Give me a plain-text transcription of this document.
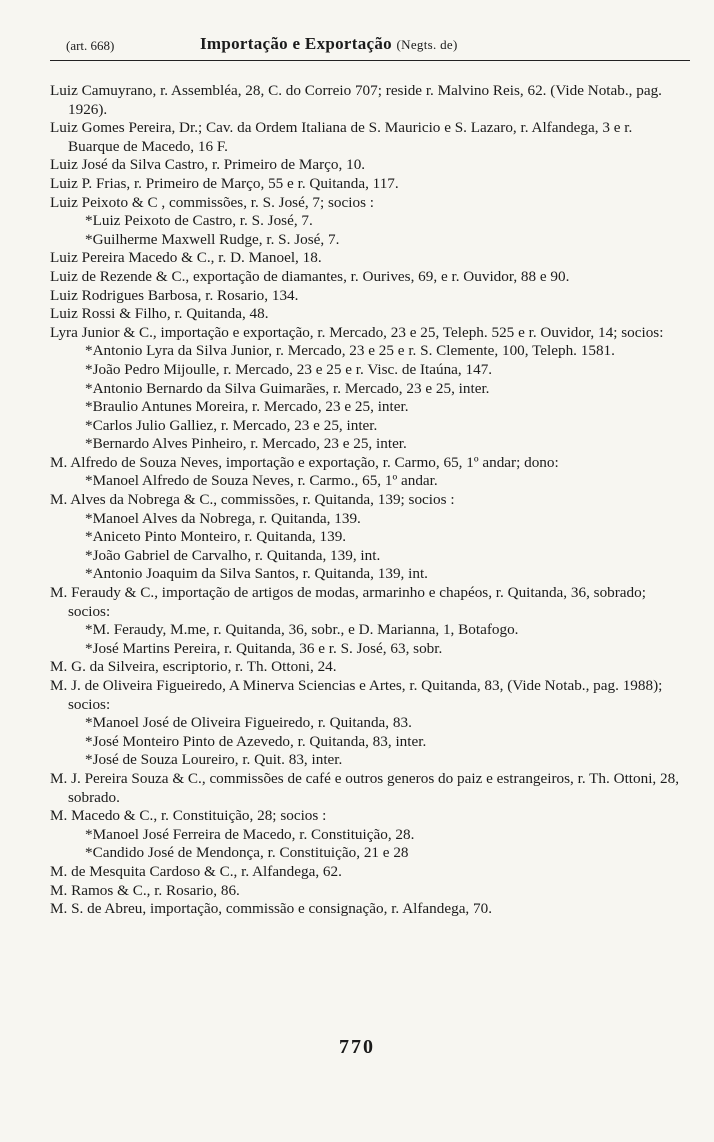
(art. 668)	Importação e Exportação (Negts. de)
Luiz Camuyrano, r. Assembléa, 28, C. do Correio 707; reside r. Malvino Reis, 62. (Vide Notab., pag. 1926).
Luiz Gomes Pereira, Dr.; Cav. da Ordem Italiana de S. Mauricio e S. Lazaro, r. Alfandega, 3 e r. Buarque de Macedo, 16 F.
Luiz José da Silva Castro, r. Primeiro de Março, 10.
Luiz P. Frias, r. Primeiro de Março, 55 e r. Quitanda, 117.
Luiz Peixoto & C , commissões, r. S. José, 7; socios :
*Luiz Peixoto de Castro, r. S. José, 7.
*Guilherme Maxwell Rudge, r. S. José, 7.
Luiz Pereira Macedo & C., r. D. Manoel, 18.
Luiz de Rezende & C., exportação de diamantes, r. Ourives, 69, e r. Ouvidor, 88 e 90.
Luiz Rodrigues Barbosa, r. Rosario, 134.
Luiz Rossi & Filho, r. Quitanda, 48.
Lyra Junior & C., importação e exportação, r. Mercado, 23 e 25, Teleph. 525 e r. Ouvidor, 14; socios:
*Antonio Lyra da Silva Junior, r. Mercado, 23 e 25 e r. S. Clemente, 100, Teleph. 1581.
*João Pedro Mijoulle, r. Mercado, 23 e 25 e r. Visc. de Itaúna, 147.
*Antonio Bernardo da Silva Guimarães, r. Mercado, 23 e 25, inter.
*Braulio Antunes Moreira, r. Mercado, 23 e 25, inter.
*Carlos Julio Galliez, r. Mercado, 23 e 25, inter.
*Bernardo Alves Pinheiro, r. Mercado, 23 e 25, inter.
M. Alfredo de Souza Neves, importação e exportação, r. Carmo, 65, 1º andar; dono:
*Manoel Alfredo de Souza Neves, r. Carmo., 65, 1º andar.
M. Alves da Nobrega & C., commissões, r. Quitanda, 139; socios :
*Manoel Alves da Nobrega, r. Quitanda, 139.
*Aniceto Pinto Monteiro, r. Quitanda, 139.
*João Gabriel de Carvalho, r. Quitanda, 139, int.
*Antonio Joaquim da Silva Santos, r. Quitanda, 139, int.
M. Feraudy & C., importação de artigos de modas, armarinho e chapéos, r. Quitanda, 36, sobrado; socios:
*M. Feraudy, M.me, r. Quitanda, 36, sobr., e D. Marianna, 1, Botafogo.
*José Martins Pereira, r. Quitanda, 36 e r. S. José, 63, sobr.
M. G. da Silveira, escriptorio, r. Th. Ottoni, 24.
M. J. de Oliveira Figueiredo, A Minerva Sciencias e Artes, r. Quitanda, 83, (Vide Notab., pag. 1988); socios:
*Manoel José de Oliveira Figueiredo, r. Quitanda, 83.
*José Monteiro Pinto de Azevedo, r. Quitanda, 83, inter.
*José de Souza Loureiro, r. Quit. 83, inter.
M. J. Pereira Souza & C., commissões de café e outros generos do paiz e estrangeiros, r. Th. Ottoni, 28, sobrado.
M. Macedo & C., r. Constituição, 28; socios :
*Manoel José Ferreira de Macedo, r. Constituição, 28.
*Candido José de Mendonça, r. Constituição, 21 e 28
M. de Mesquita Cardoso & C., r. Alfandega, 62.
M. Ramos & C., r. Rosario, 86.
M. S. de Abreu, importação, commissão e consignação, r. Alfandega, 70.
770
